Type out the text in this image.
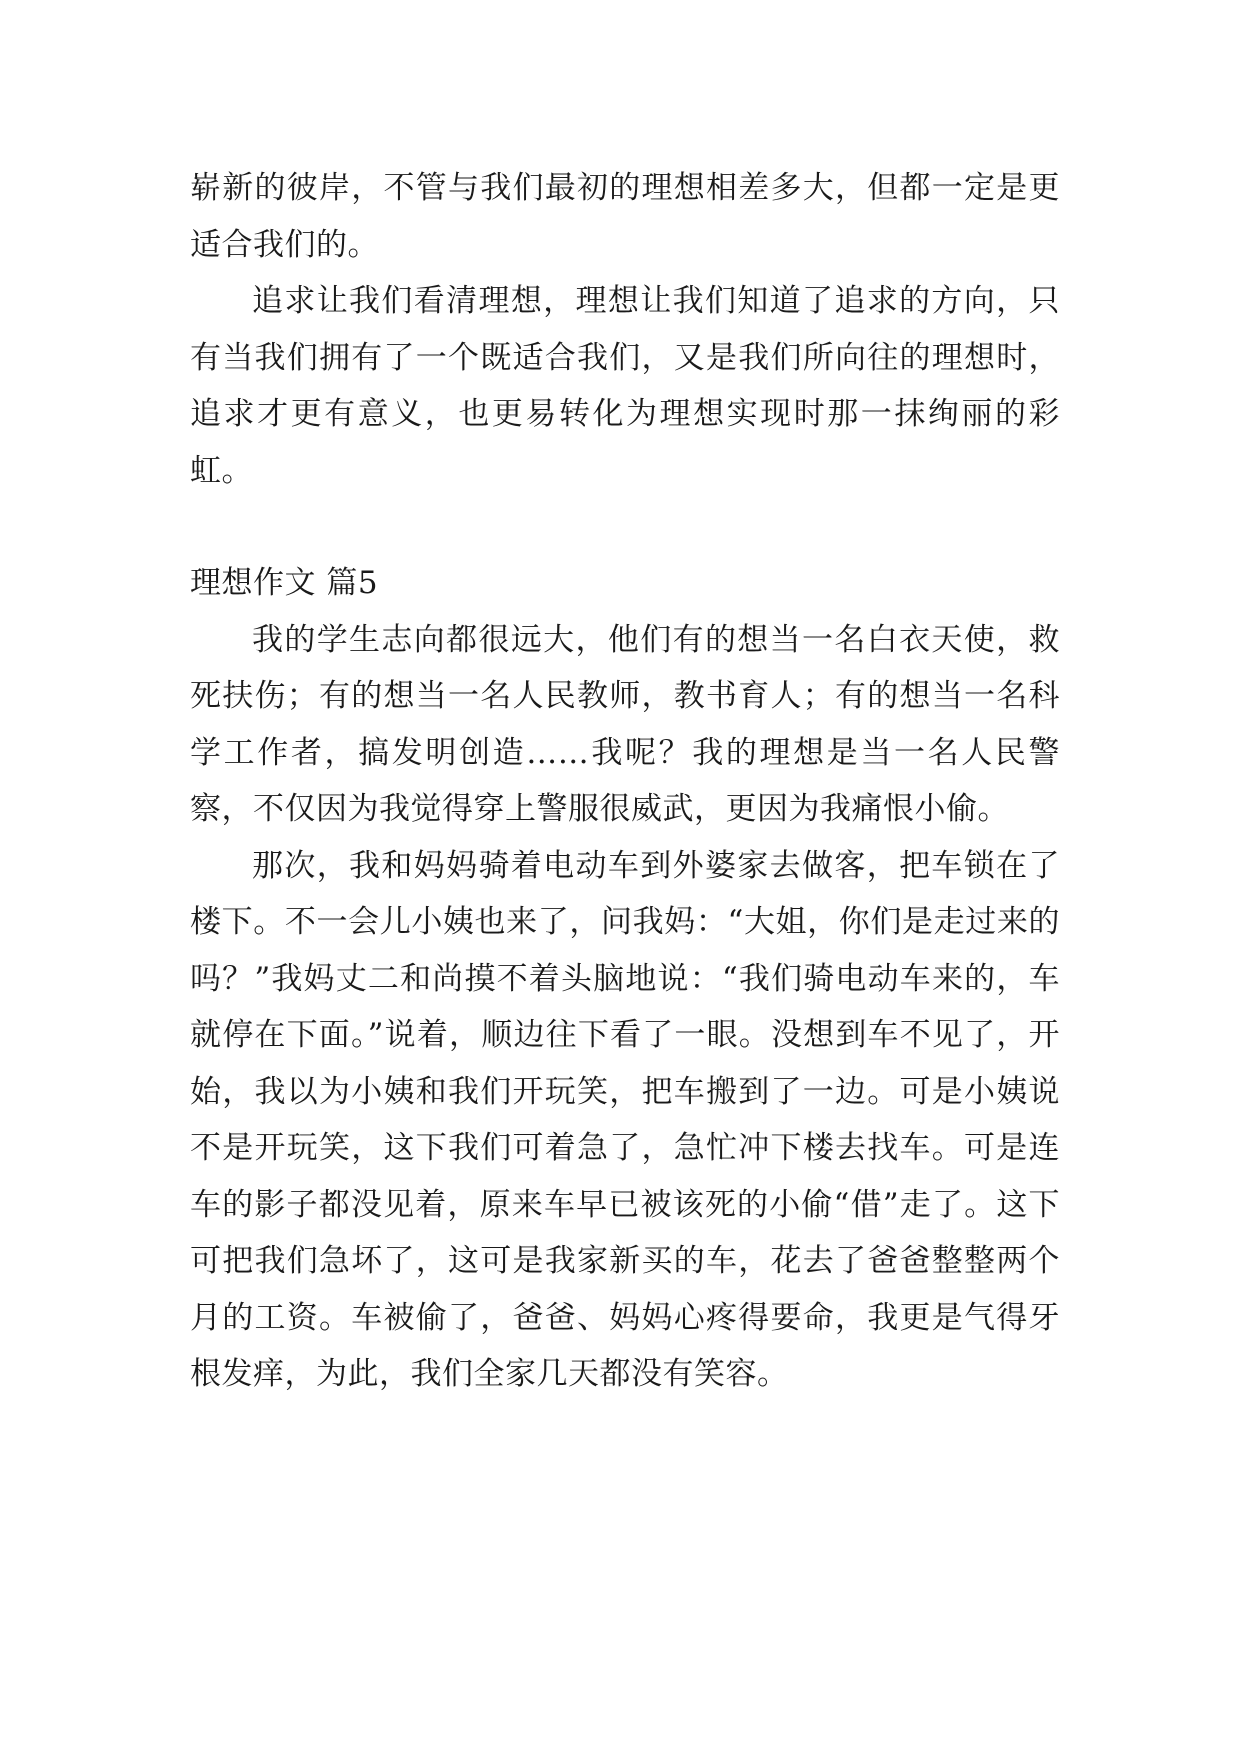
崭新的彼岸，不管与我们最初的理想相差多大，但都一定是更适合我们的。

追求让我们看清理想，理想让我们知道了追求的方向，只有当我们拥有了一个既适合我们，又是我们所向往的理想时，追求才更有意义，也更易转化为理想实现时那一抹绚丽的彩虹。

理想作文 篇5

我的学生志向都很远大，他们有的想当一名白衣天使，救死扶伤；有的想当一名人民教师，教书育人；有的想当一名科学工作者，搞发明创造……我呢？我的理想是当一名人民警察，不仅因为我觉得穿上警服很威武，更因为我痛恨小偷。

那次，我和妈妈骑着电动车到外婆家去做客，把车锁在了楼下。不一会儿小姨也来了，问我妈：“大姐，你们是走过来的吗？”我妈丈二和尚摸不着头脑地说：“我们骑电动车来的，车就停在下面。”说着，顺边往下看了一眼。没想到车不见了，开始，我以为小姨和我们开玩笑，把车搬到了一边。可是小姨说不是开玩笑，这下我们可着急了，急忙冲下楼去找车。可是连车的影子都没见着，原来车早已被该死的小偷“借”走了。这下可把我们急坏了，这可是我家新买的车，花去了爸爸整整两个月的工资。车被偷了，爸爸、妈妈心疼得要命，我更是气得牙根发痒，为此，我们全家几天都没有笑容。
